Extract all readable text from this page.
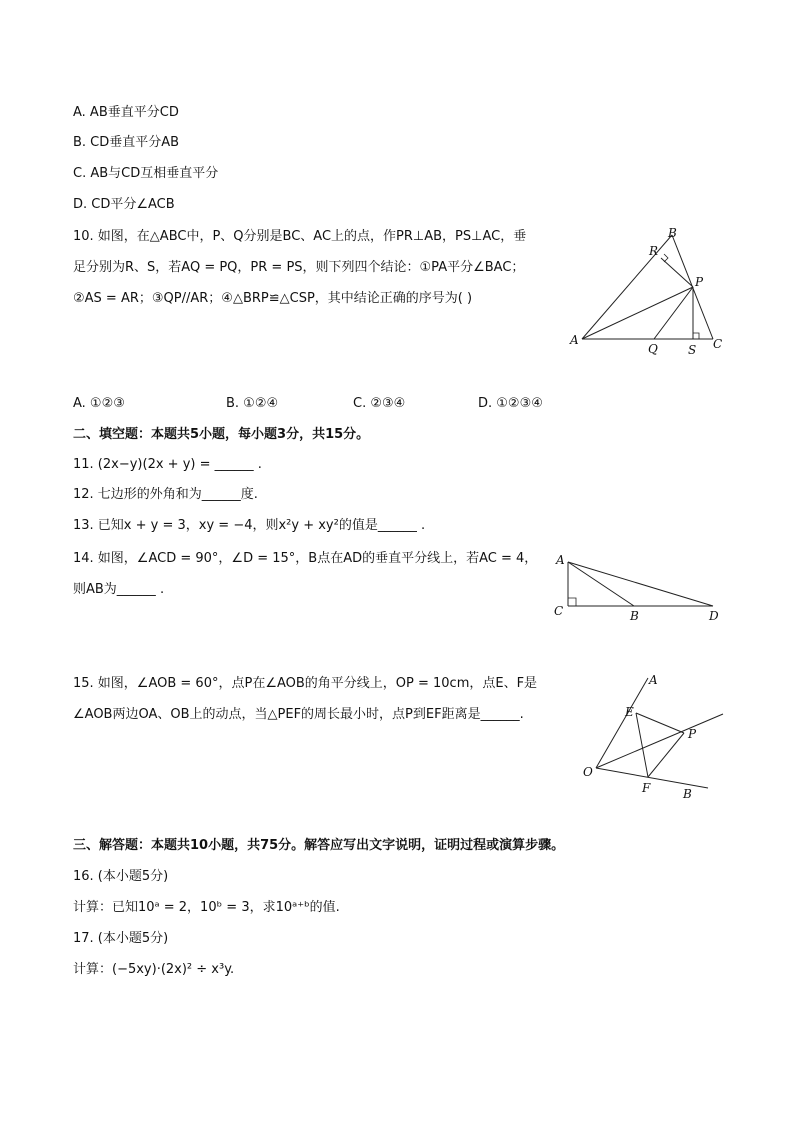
A. AB垂直平分CD
B. CD垂直平分AB
C. AB与CD互相垂直平分
D. CD平分∠ACB
10. 如图，在△ABC中，P、Q分别是BC、AC上的点，作PR⊥AB，PS⊥AC，垂
足分别为R、S，若AQ = PQ，PR = PS，则下列四个结论：①PA平分∠BAC；
②AS = AR；③QP//AR；④△BRP≌△CSP，其中结论正确的序号为( )
A
B
C
P
Q
R
S
A. ①②③	B. ①②④	C. ②③④	D. ①②③④
二、填空题：本题共5小题，每小题3分，共15分。
11. (2x−y)(2x + y) = ______ .
12. 七边形的外角和为______度.
13. 已知x + y = 3，xy = −4，则x²y + xy²的值是______ .
14. 如图，∠ACD = 90°，∠D = 15°，B点在AD的垂直平分线上，若AC = 4，
则AB为______ .
A
C	B	D
15. 如图，∠AOB = 60°，点P在∠AOB的角平分线上，OP = 10cm，点E、F是
∠AOB两边OA、OB上的动点，当△PEF的周长最小时，点P到EF距离是______.
A
E
P
O
F	B
三、解答题：本题共10小题，共75分。解答应写出文字说明，证明过程或演算步骤。
16. (本小题5分)
计算：已知10ᵃ = 2，10ᵇ = 3，求10ᵃ⁺ᵇ的值.
17. (本小题5分)
计算：(−5xy)·(2x)² ÷ x³y.
